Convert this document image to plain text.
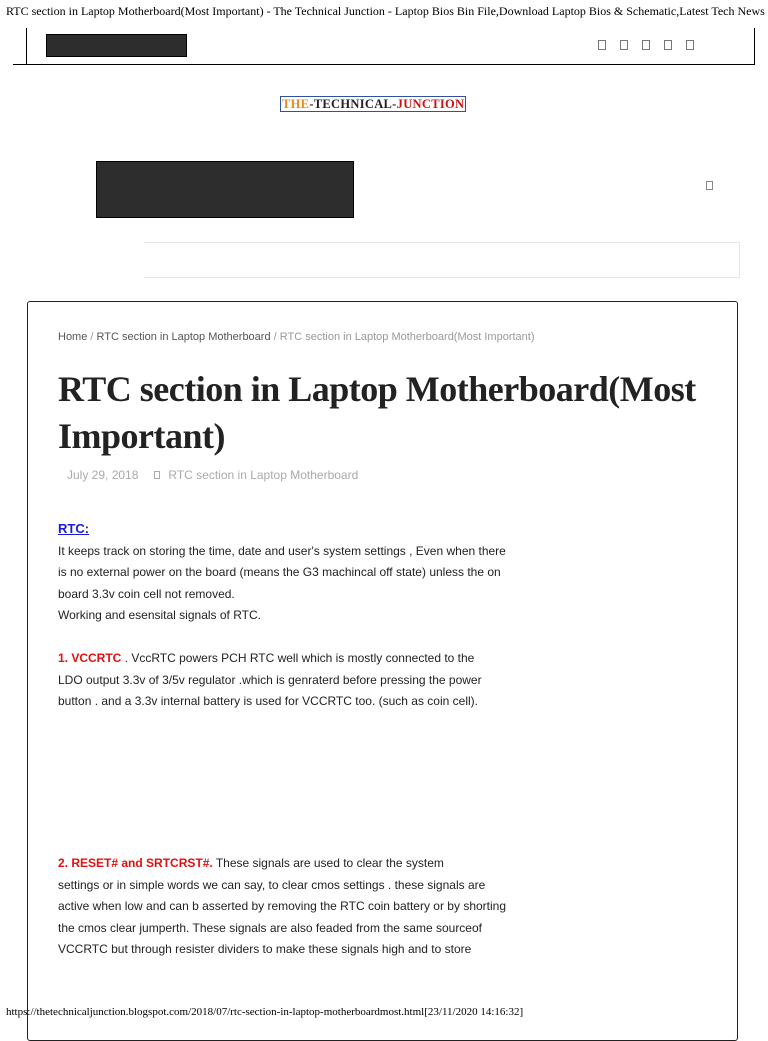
RTC section in Laptop Motherboard(Most Important) - The Technical Junction - Laptop Bios Bin File,Download Laptop Bios & Schematic,Latest Tech News
THE-TECHNICAL-JUNCTION
Home / RTC section in Laptop Motherboard / RTC section in Laptop Motherboard(Most Important)
RTC section in Laptop Motherboard(Most Important)
July 29, 2018	RTC section in Laptop Motherboard
RTC:
It keeps track on storing the time, date and user's system settings , Even when there
is no external power on the board (means the G3 machincal off state) unless the on
board 3.3v coin cell not removed.
Working and esensital signals of RTC.
1. VCCRTC . VccRTC powers PCH RTC well which is mostly connected to the
LDO output 3.3v of 3/5v regulator .which is genraterd before pressing the power
button . and a 3.3v internal battery is used for VCCRTC too. (such as coin cell).
2. RESET# and SRTCRST#. These signals are used to clear the system
settings or in simple words we can say, to clear cmos settings . these signals are
active when low and can b asserted by removing the RTC coin battery or by shorting
the cmos clear jumperth. These signals are also feaded from the same sourceof
VCCRTC but through resister dividers to make these signals high and to store
https://thetechnicaljunction.blogspot.com/2018/07/rtc-section-in-laptop-motherboardmost.html[23/11/2020 14:16:32]
